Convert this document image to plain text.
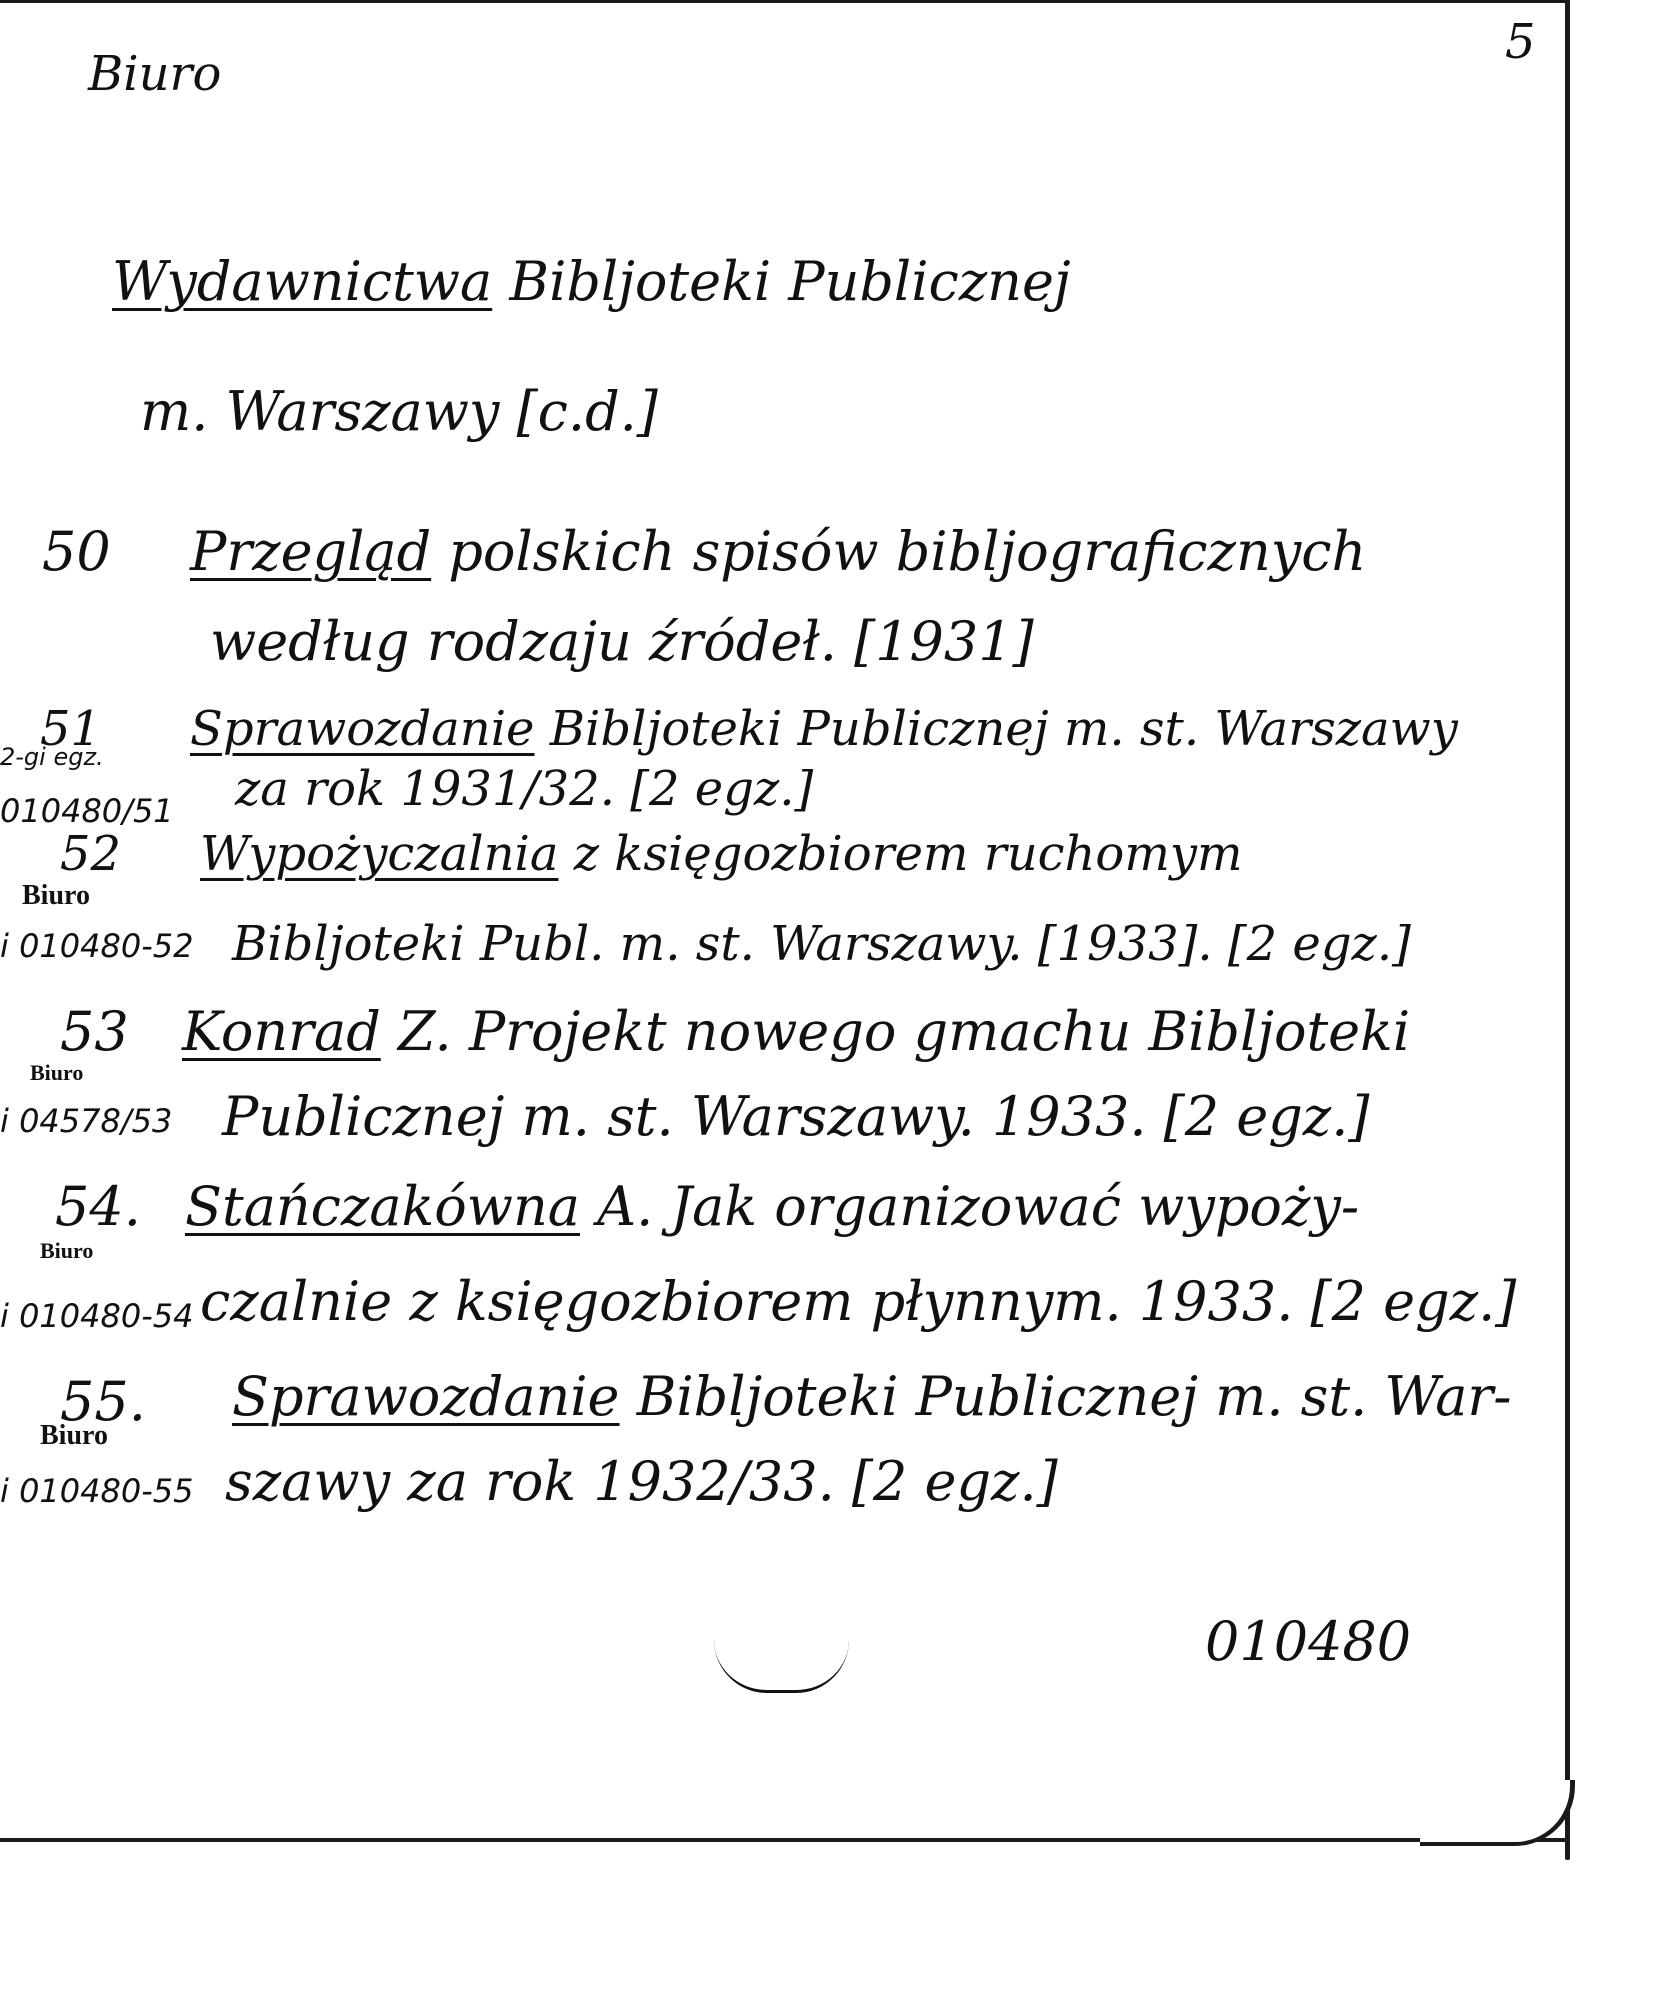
Biuro
5
Wydawnictwa Bibljoteki Publicznej
m. Warszawy [c.d.]
50 Przegląd polskich spisów bibljograficznych
według rodzaju źródeł. [1931]
51
2-gi egz.
010480/51
Sprawozdanie Bibljoteki Publicznej m. st. Warszawy
za rok 1931/32. [2 egz.]
52
Biuro
i 010480-52
Wypożyczalnia z księgozbiorem ruchomym
Bibljoteki Publ. m. st. Warszawy. [1933]. [2 egz.]
53
Biuro
i 04578/53
Konrad Z. Projekt nowego gmachu Bibljoteki
Publicznej m. st. Warszawy. 1933. [2 egz.]
54.
Biuro
i 010480-54
Stańczakówna A. Jak organizować wypoży-
czalnie z księgozbiorem płynnym. 1933. [2 egz.]
55.
Biuro
i 010480-55
Sprawozdanie Bibljoteki Publicznej m. st. War-
szawy za rok 1932/33. [2 egz.]
010480
